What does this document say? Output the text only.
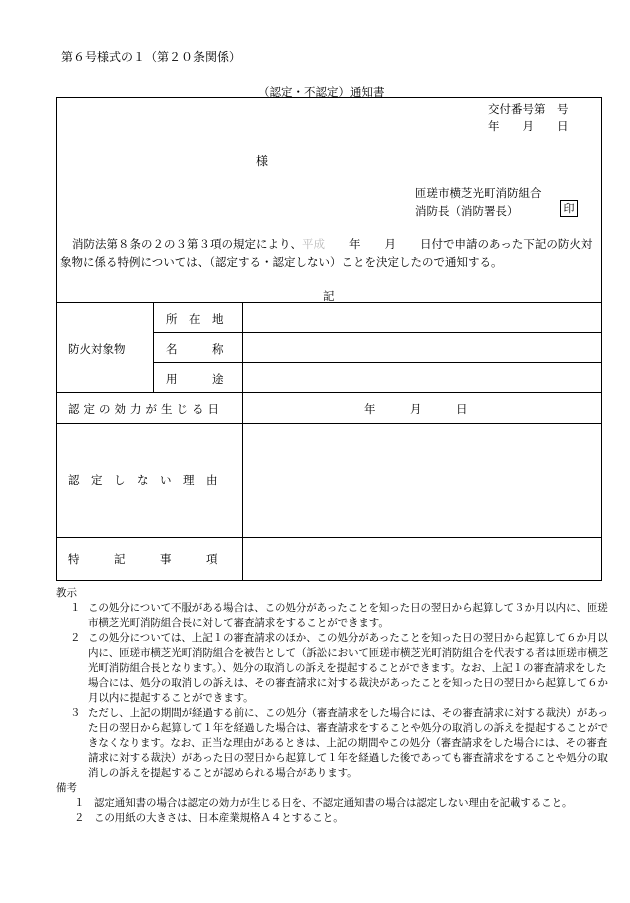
第６号様式の１（第２０条関係）
（認定・不認定）通知書
交付番号第　号
年　　月　　日
様
匝瑳市横芝光町消防組合
消防長（消防署長）	印
消防法第８条の２の３第３項の規定により、平成 年 月 日付で申請のあった下記の防火対象物に係る特例については、（認定する・認定しない）ことを決定したので通知する。
記
防火対象物
所　在　地
名　　　称
用　　　途
認定の効力が生じる日	年　　　月　　　日
認　定　し　な　い　理　由
特　　　記　　　事　　　項

教示

１ この処分について不服がある場合は、この処分があったことを知った日の翌日から起算して３か月以内に、匝瑳市横芝光町消防組合長に対して審査請求をすることができます。

２ この処分については、上記１の審査請求のほか、この処分があったことを知った日の翌日から起算して６か月以内に、匝瑳市横芝光町消防組合を被告として（訴訟において匝瑳市横芝光町消防組合を代表する者は匝瑳市横芝光町消防組合長となります。）、処分の取消しの訴えを提起することができます。なお、上記１の審査請求をした場合には、処分の取消しの訴えは、その審査請求に対する裁決があったことを知った日の翌日から起算して６か月以内に提起することができます。

３ ただし、上記の期間が経過する前に、この処分（審査請求をした場合には、その審査請求に対する裁決）があった日の翌日から起算して１年を経過した場合は、審査請求をすることや処分の取消しの訴えを提起することができなくなります。なお、正当な理由があるときは、上記の期間やこの処分（審査請求をした場合には、その審査請求に対する裁決）があった日の翌日から起算して１年を経過した後であっても審査請求をすることや処分の取消しの訴えを提起することが認められる場合があります。

備考

１ 認定通知書の場合は認定の効力が生じる日を、不認定通知書の場合は認定しない理由を記載すること。

２ この用紙の大きさは、日本産業規格Ａ４とすること。
